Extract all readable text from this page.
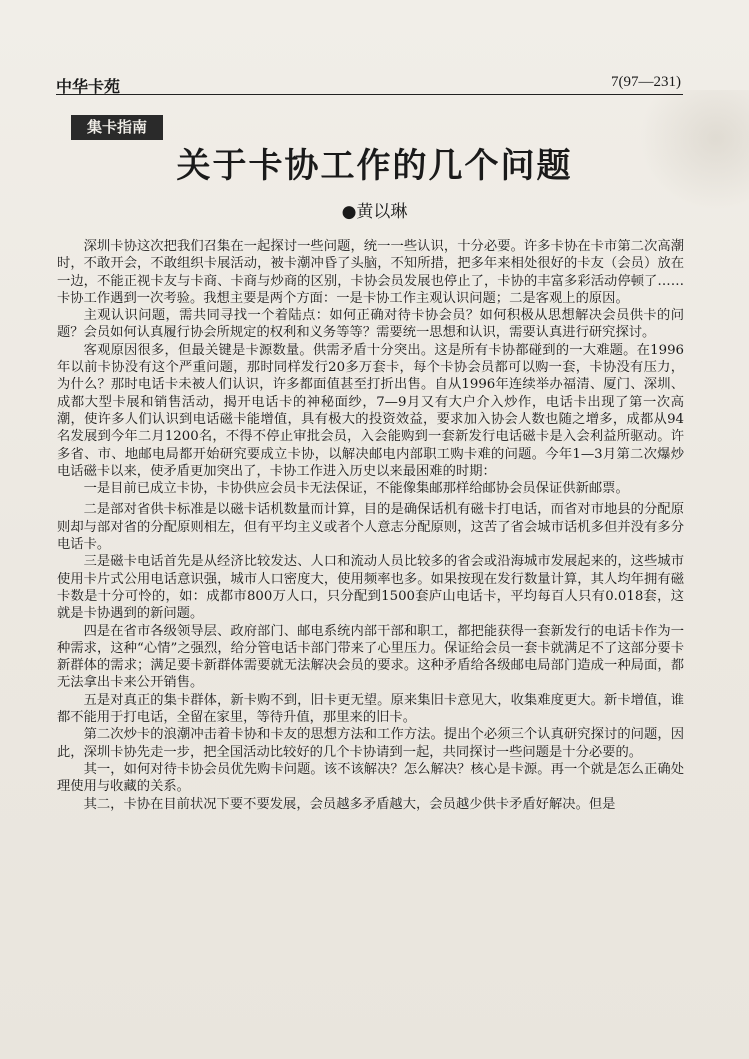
中华卡苑	7(97—231)
集卡指南
关于卡协工作的几个问题
●黄以琳

深圳卡协这次把我们召集在一起探讨一些问题，统一一些认识，十分必要。许多卡协在卡市第二次高潮时，不敢开会，不敢组织卡展活动，被卡潮冲昏了头脑，不知所措，把多年来相处很好的卡友（会员）放在一边，不能正视卡友与卡商、卡商与炒商的区别，卡协会员发展也停止了，卡协的丰富多彩活动停顿了……卡协工作遇到一次考验。我想主要是两个方面：一是卡协工作主观认识问题；二是客观上的原因。

主观认识问题，需共同寻找一个着陆点：如何正确对待卡协会员？如何积极从思想解决会员供卡的问题？会员如何认真履行协会所规定的权利和义务等等？需要统一思想和认识，需要认真进行研究探讨。

客观原因很多，但最关键是卡源数量。供需矛盾十分突出。这是所有卡协都碰到的一大难题。在1996年以前卡协没有这个严重问题，那时同样发行20多万套卡，每个卡协会员都可以购一套，卡协没有压力，为什么？那时电话卡未被人们认识，许多都面值甚至打折出售。自从1996年连续举办福清、厦门、深圳、成都大型卡展和销售活动，揭开电话卡的神秘面纱，7—9月又有大户介入炒作，电话卡出现了第一次高潮，使许多人们认识到电话磁卡能增值，具有极大的投资效益，要求加入协会人数也随之增多，成都从94名发展到今年二月1200名，不得不停止审批会员，入会能购到一套新发行电话磁卡是入会利益所驱动。许多省、市、地邮电局都开始研究要成立卡协，以解决邮电内部职工购卡难的问题。今年1—3月第二次爆炒电话磁卡以来，使矛盾更加突出了，卡协工作进入历史以来最困难的时期：

一是目前已成立卡协，卡协供应会员卡无法保证，不能像集邮那样给邮协会员保证供新邮票。

二是部对省供卡标准是以磁卡话机数量而计算，目的是确保话机有磁卡打电话，而省对市地县的分配原则却与部对省的分配原则相左，但有平均主义或者个人意志分配原则，这苦了省会城市话机多但并没有多分电话卡。

三是磁卡电话首先是从经济比较发达、人口和流动人员比较多的省会或沿海城市发展起来的，这些城市使用卡片式公用电话意识强，城市人口密度大，使用频率也多。如果按现在发行数量计算，其人均年拥有磁卡数是十分可怜的，如：成都市800万人口，只分配到1500套庐山电话卡，平均每百人只有0.018套，这就是卡协遇到的新问题。

四是在省市各级领导层、政府部门、邮电系统内部干部和职工，都把能获得一套新发行的电话卡作为一种需求，这种“心情”之强烈，给分管电话卡部门带来了心里压力。保证给会员一套卡就满足不了这部分要卡新群体的需求；满足要卡新群体需要就无法解决会员的要求。这种矛盾给各级邮电局部门造成一种局面，都无法拿出卡来公开销售。

五是对真正的集卡群体，新卡购不到，旧卡更无望。原来集旧卡意见大，收集难度更大。新卡增值，谁都不能用于打电话，全留在家里，等待升值，那里来的旧卡。

第二次炒卡的浪潮冲击着卡协和卡友的思想方法和工作方法。提出个必须三个认真研究探讨的问题，因此，深圳卡协先走一步，把全国活动比较好的几个卡协请到一起，共同探讨一些问题是十分必要的。

其一，如何对待卡协会员优先购卡问题。该不该解决？怎么解决？核心是卡源。再一个就是怎么正确处理使用与收藏的关系。

其二，卡协在目前状况下要不要发展，会员越多矛盾越大，会员越少供卡矛盾好解决。但是
